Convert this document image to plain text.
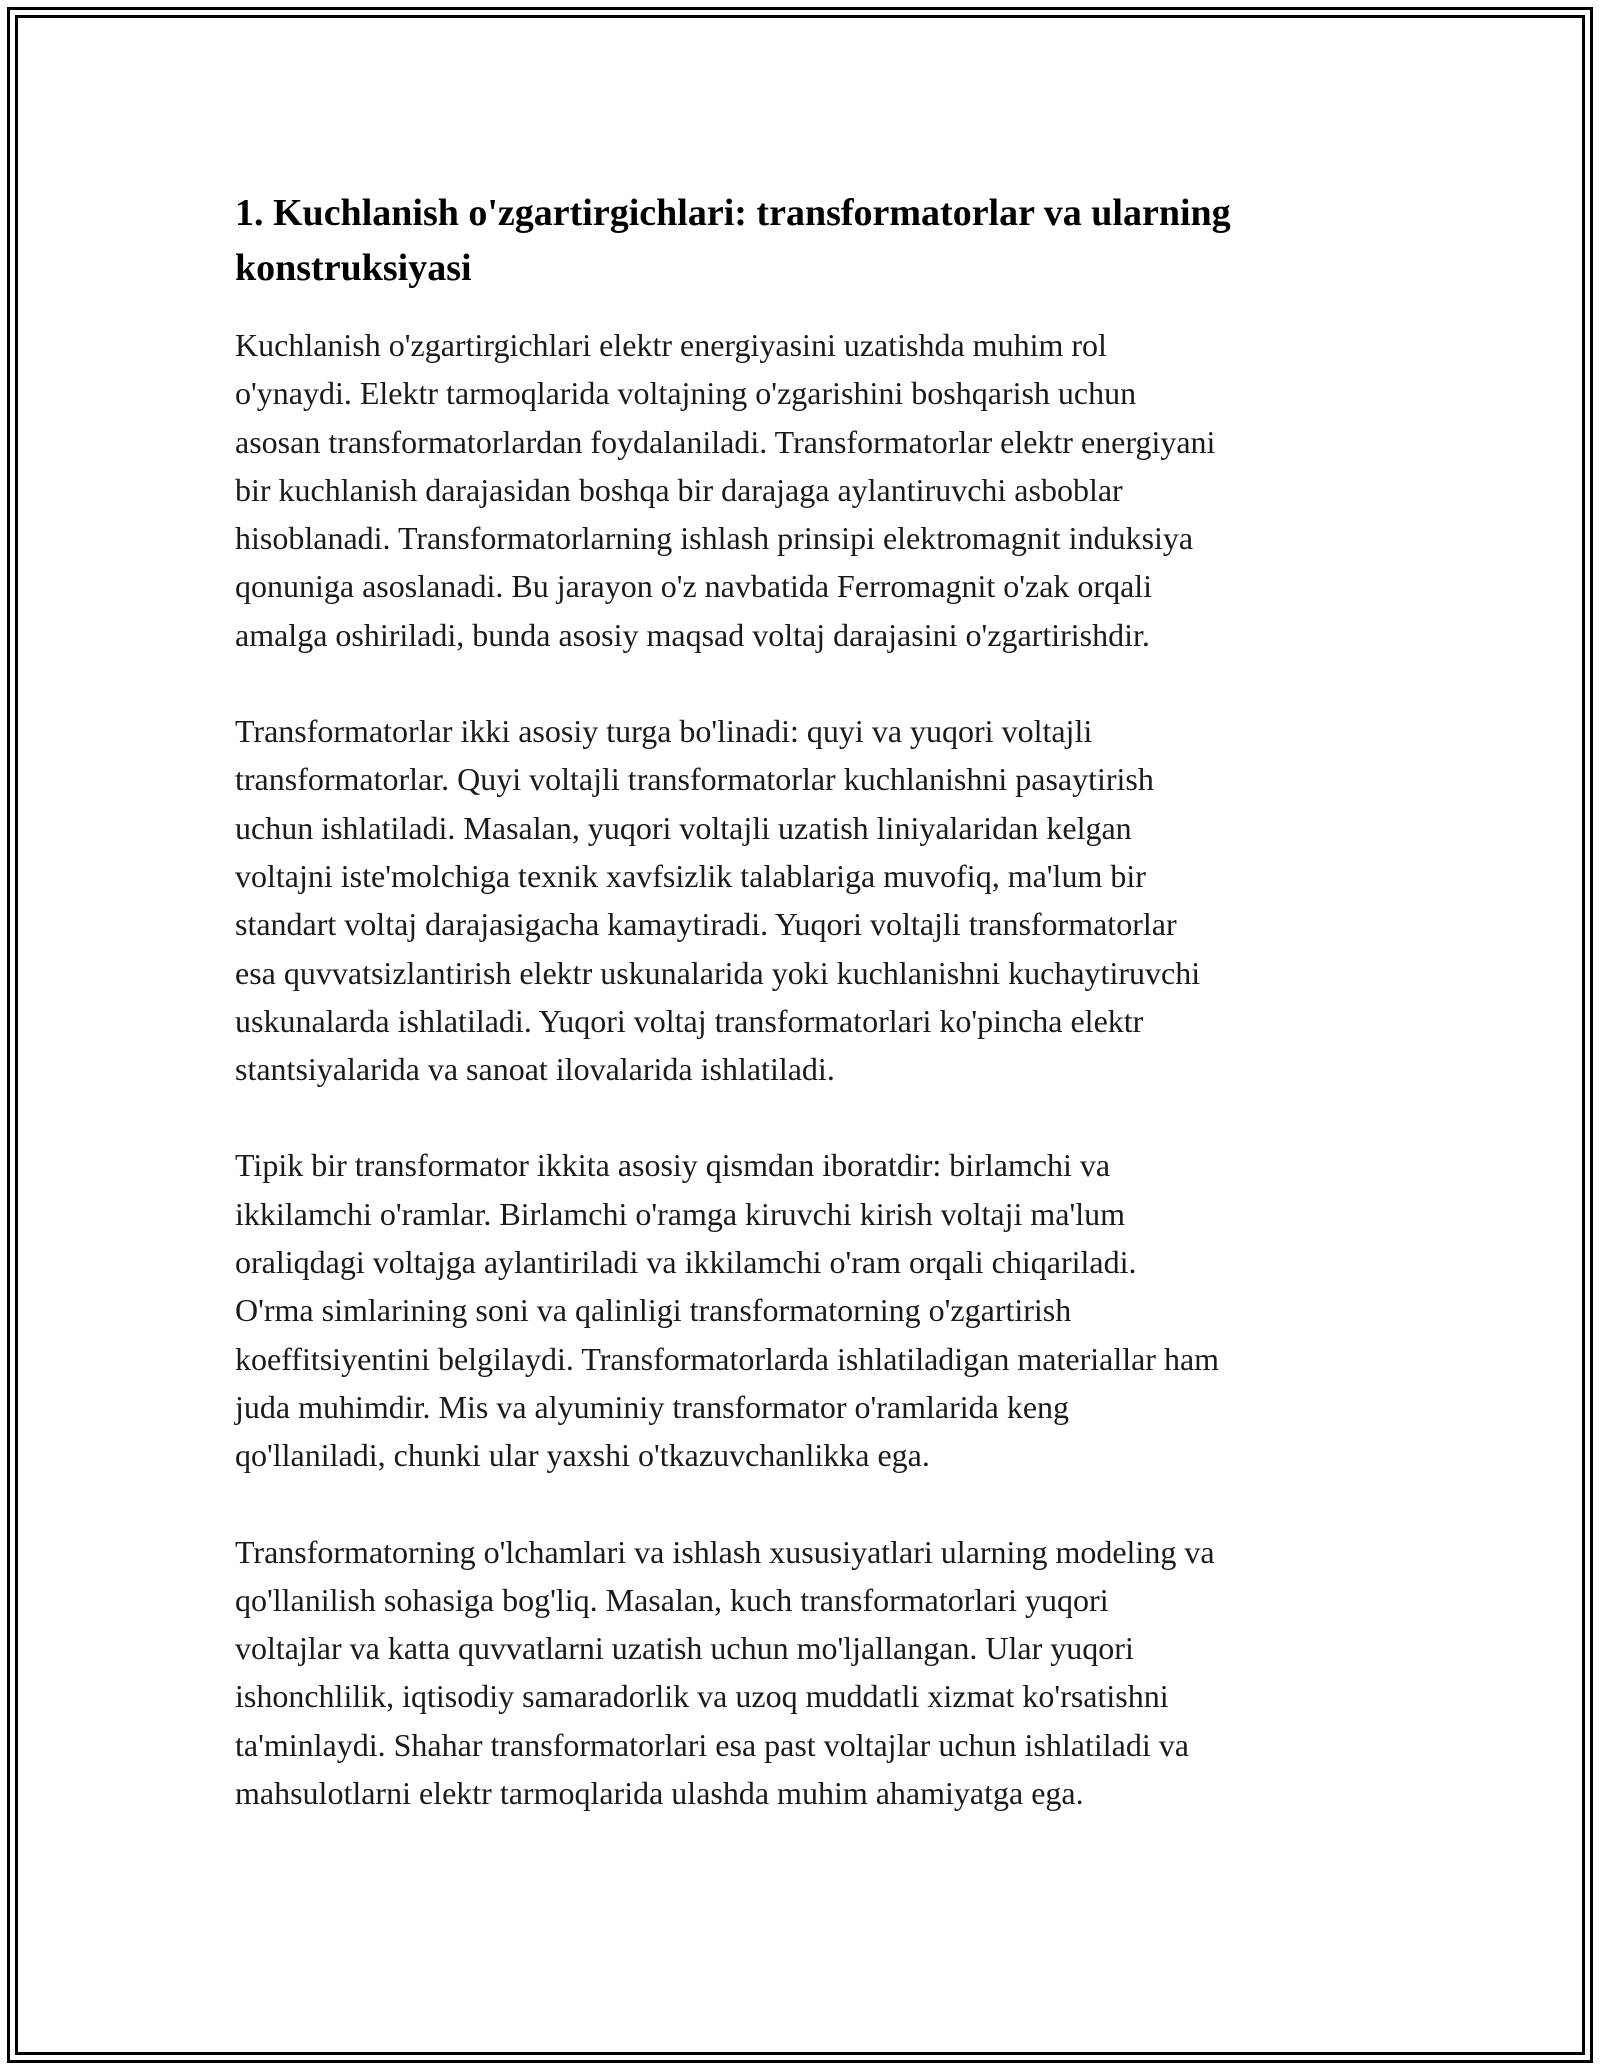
1. Kuchlanish o'zgartirgichlari: transformatorlar va ularning
konstruksiyasi

Kuchlanish o'zgartirgichlari elektr energiyasini uzatishda muhim rol
o'ynaydi. Elektr tarmoqlarida voltajning o'zgarishini boshqarish uchun
asosan transformatorlardan foydalaniladi. Transformatorlar elektr energiyani
bir kuchlanish darajasidan boshqa bir darajaga aylantiruvchi asboblar
hisoblanadi. Transformatorlarning ishlash prinsipi elektromagnit induksiya
qonuniga asoslanadi. Bu jarayon o'z navbatida Ferromagnit o'zak orqali
amalga oshiriladi, bunda asosiy maqsad voltaj darajasini o'zgartirishdir.

Transformatorlar ikki asosiy turga bo'linadi: quyi va yuqori voltajli
transformatorlar. Quyi voltajli transformatorlar kuchlanishni pasaytirish
uchun ishlatiladi. Masalan, yuqori voltajli uzatish liniyalaridan kelgan
voltajni iste'molchiga texnik xavfsizlik talablariga muvofiq, ma'lum bir
standart voltaj darajasigacha kamaytiradi. Yuqori voltajli transformatorlar
esa quvvatsizlantirish elektr uskunalarida yoki kuchlanishni kuchaytiruvchi
uskunalarda ishlatiladi. Yuqori voltaj transformatorlari ko'pincha elektr
stantsiyalarida va sanoat ilovalarida ishlatiladi.

Tipik bir transformator ikkita asosiy qismdan iboratdir: birlamchi va
ikkilamchi o'ramlar. Birlamchi o'ramga kiruvchi kirish voltaji ma'lum
oraliqdagi voltajga aylantiriladi va ikkilamchi o'ram orqali chiqariladi.
O'rma simlarining soni va qalinligi transformatorning o'zgartirish
koeffitsiyentini belgilaydi. Transformatorlarda ishlatiladigan materiallar ham
juda muhimdir. Mis va alyuminiy transformator o'ramlarida keng
qo'llaniladi, chunki ular yaxshi o'tkazuvchanlikka ega.

Transformatorning o'lchamlari va ishlash xususiyatlari ularning modeling va
qo'llanilish sohasiga bog'liq. Masalan, kuch transformatorlari yuqori
voltajlar va katta quvvatlarni uzatish uchun mo'ljallangan. Ular yuqori
ishonchlilik, iqtisodiy samaradorlik va uzoq muddatli xizmat ko'rsatishni
ta'minlaydi. Shahar transformatorlari esa past voltajlar uchun ishlatiladi va
mahsulotlarni elektr tarmoqlarida ulashda muhim ahamiyatga ega.
